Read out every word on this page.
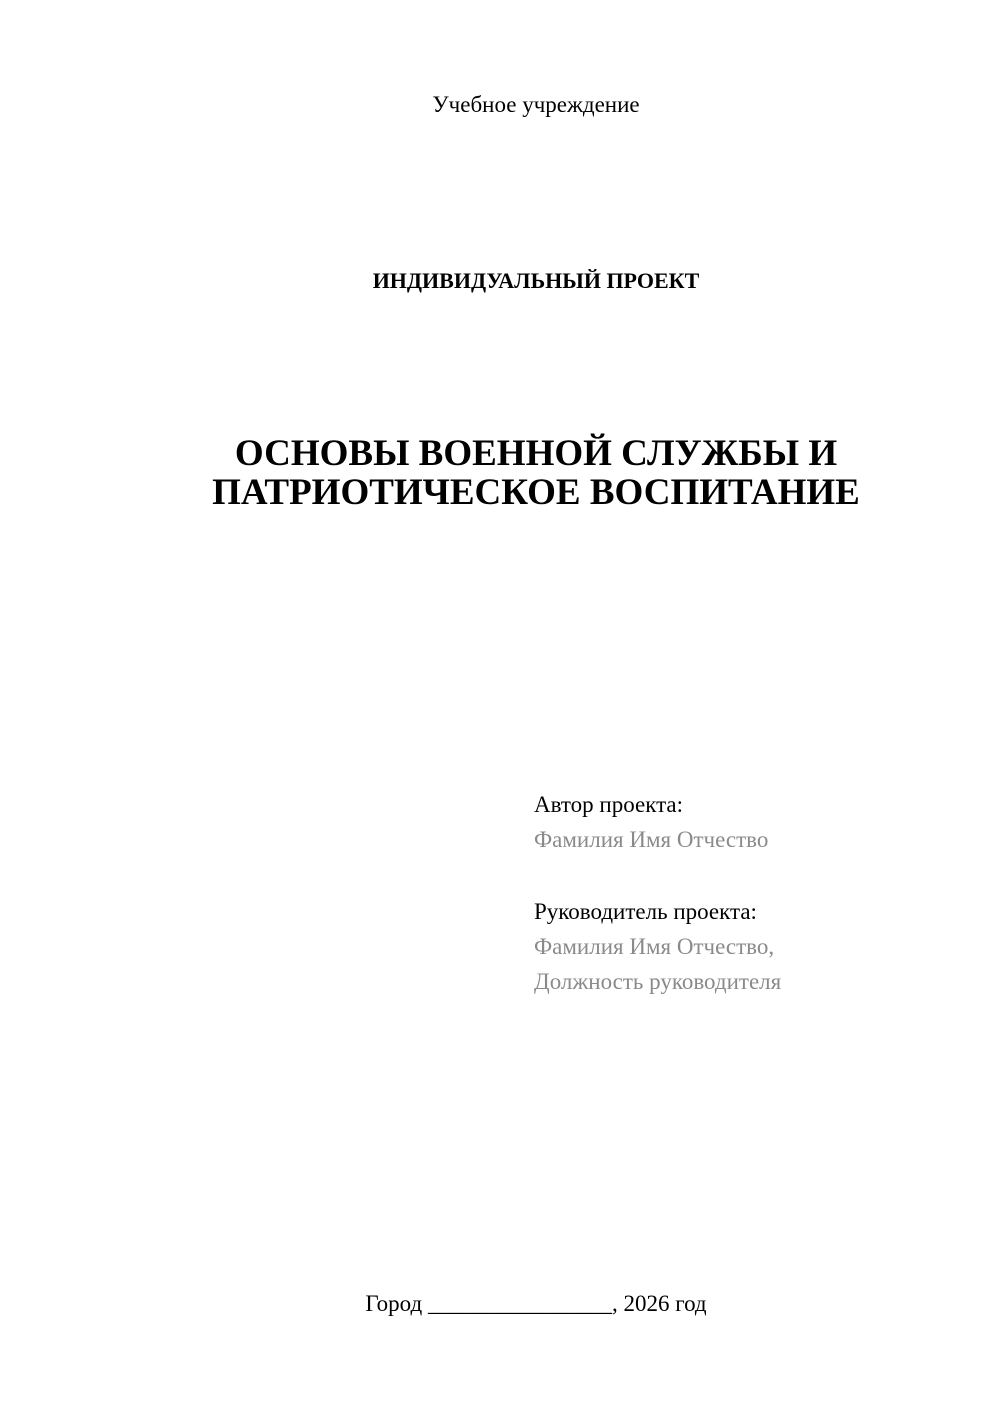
Учебное учреждение
ИНДИВИДУАЛЬНЫЙ ПРОЕКТ
ОСНОВЫ ВОЕННОЙ СЛУЖБЫ И
ПАТРИОТИЧЕСКОЕ ВОСПИТАНИЕ
Автор проекта:
Фамилия Имя Отчество
Руководитель проекта:
Фамилия Имя Отчество,
Должность руководителя
Город ________________, 2026 год
